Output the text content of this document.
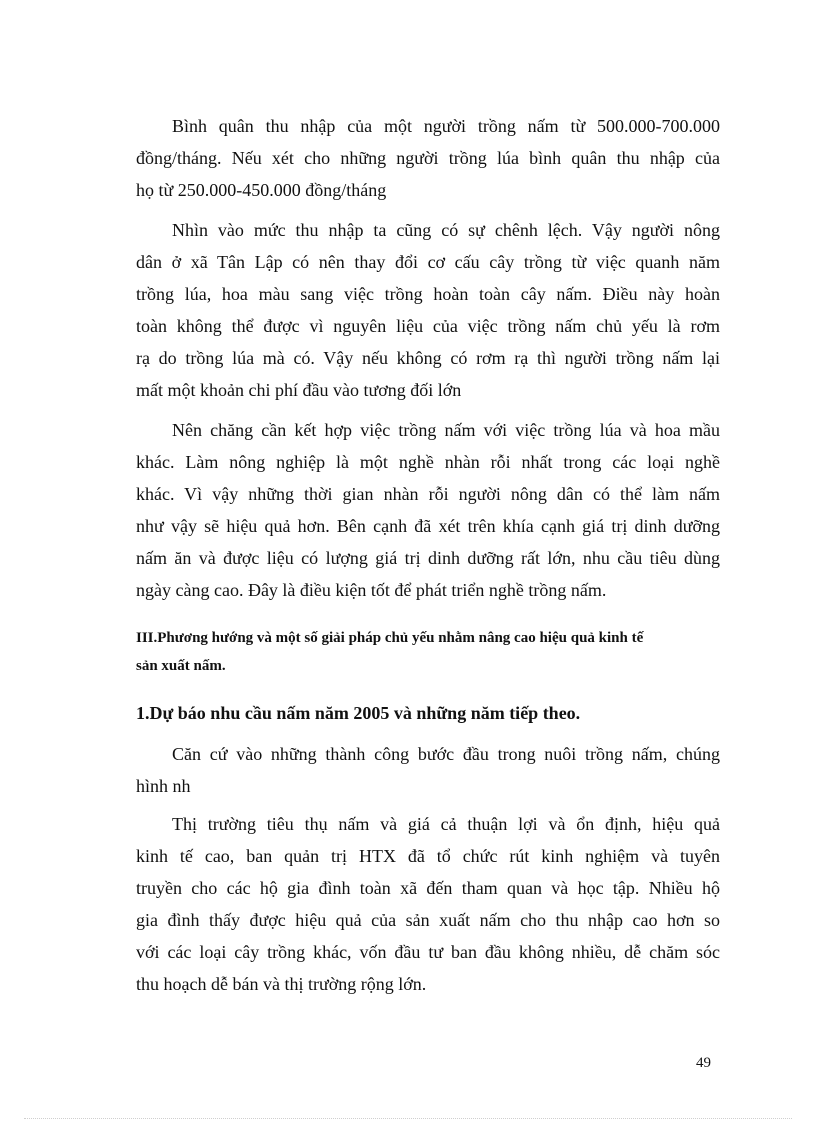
Bình quân thu nhập của một người trồng nấm từ 500.000-700.000
đồng/tháng. Nếu xét cho những người trồng lúa bình quân thu nhập của
họ từ 250.000-450.000 đồng/tháng
Nhìn vào mức thu nhập ta cũng có sự chênh lệch. Vậy người nông
dân ở xã Tân Lập có nên thay đổi cơ cấu cây trồng từ việc quanh năm
trồng lúa, hoa màu sang việc trồng hoàn toàn cây nấm. Điều này hoàn
toàn không thể được vì nguyên liệu của việc trồng nấm chủ yếu là rơm
rạ do trồng lúa mà có. Vậy nếu không có rơm rạ thì người trồng nấm lại
mất một khoản chi phí đầu vào tương đối lớn
Nên chăng cần kết hợp việc trồng nấm với việc trồng lúa và hoa mầu
khác. Làm nông nghiệp là một nghề nhàn rỗi nhất trong các loại nghề
khác. Vì vậy những thời gian nhàn rỗi người nông dân có thể làm nấm
như vậy sẽ hiệu quả hơn. Bên cạnh đã xét trên khía cạnh giá trị dinh dưỡng
nấm ăn và được liệu có lượng giá trị dinh dưỡng rất lớn, nhu cầu tiêu dùng
ngày càng cao. Đây là điều kiện tốt để phát triển nghề trồng nấm.
III.Phương hướng và một số giải pháp chủ yếu nhằm nâng cao hiệu quả kinh tế
sản xuất nấm.
1.Dự báo nhu cầu nấm năm 2005 và những năm tiếp theo.
Căn cứ vào những thành công bước đầu trong nuôi trồng nấm, chúng
hình nh
Thị trường tiêu thụ nấm và giá cả thuận lợi và ổn định, hiệu quả
kinh tế cao, ban quản trị HTX đã tổ chức rút kinh nghiệm và tuyên
truyền cho các hộ gia đình toàn xã đến tham quan và học tập. Nhiều hộ
gia đình thấy được hiệu quả của sản xuất nấm cho thu nhập cao hơn so
với các loại cây trồng khác, vốn đầu tư ban đầu không nhiều, dễ chăm sóc
thu hoạch dễ bán và thị trường rộng lớn.
49
